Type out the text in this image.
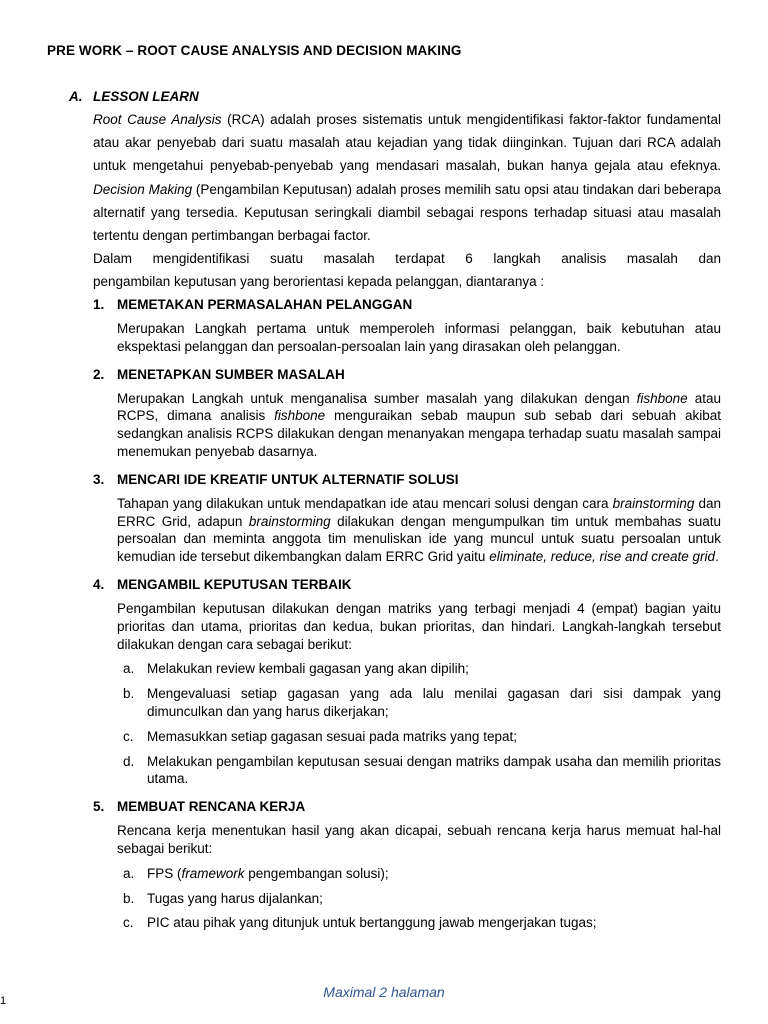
PRE WORK – ROOT CAUSE ANALYSIS AND DECISION MAKING
A. LESSON LEARN

Root Cause Analysis (RCA) adalah proses sistematis untuk mengidentifikasi faktor-faktor fundamental atau akar penyebab dari suatu masalah atau kejadian yang tidak diinginkan. Tujuan dari RCA adalah untuk mengetahui penyebab-penyebab yang mendasari masalah, bukan hanya gejala atau efeknya. Decision Making (Pengambilan Keputusan) adalah proses memilih satu opsi atau tindakan dari beberapa alternatif yang tersedia. Keputusan seringkali diambil sebagai respons terhadap situasi atau masalah tertentu dengan pertimbangan berbagai factor.

Dalam mengidentifikasi suatu masalah terdapat 6 langkah analisis masalah dan

pengambilan keputusan yang berorientasi kepada pelanggan, diantaranya :

1. MEMETAKAN PERMASALAHAN PELANGGAN
Merupakan Langkah pertama untuk memperoleh informasi pelanggan, baik kebutuhan atau ekspektasi pelanggan dan persoalan-persoalan lain yang dirasakan oleh pelanggan.
2. MENETAPKAN SUMBER MASALAH
Merupakan Langkah untuk menganalisa sumber masalah yang dilakukan dengan fishbone atau RCPS, dimana analisis fishbone menguraikan sebab maupun sub sebab dari sebuah akibat sedangkan analisis RCPS dilakukan dengan menanyakan mengapa terhadap suatu masalah sampai menemukan penyebab dasarnya.
3. MENCARI IDE KREATIF UNTUK ALTERNATIF SOLUSI
Tahapan yang dilakukan untuk mendapatkan ide atau mencari solusi dengan cara brainstorming dan ERRC Grid, adapun brainstorming dilakukan dengan mengumpulkan tim untuk membahas suatu persoalan dan meminta anggota tim menuliskan ide yang muncul untuk suatu persoalan untuk kemudian ide tersebut dikembangkan dalam ERRC Grid yaitu eliminate, reduce, rise and create grid.
4. MENGAMBIL KEPUTUSAN TERBAIK
Pengambilan keputusan dilakukan dengan matriks yang terbagi menjadi 4 (empat) bagian yaitu prioritas dan utama, prioritas dan kedua, bukan prioritas, dan hindari. Langkah-langkah tersebut dilakukan dengan cara sebagai berikut:
a. Melakukan review kembali gagasan yang akan dipilih;
b. Mengevaluasi setiap gagasan yang ada lalu menilai gagasan dari sisi dampak yang dimunculkan dan yang harus dikerjakan;
c. Memasukkan setiap gagasan sesuai pada matriks yang tepat;
d. Melakukan pengambilan keputusan sesuai dengan matriks dampak usaha dan memilih prioritas utama.
5. MEMBUAT RENCANA KERJA
Rencana kerja menentukan hasil yang akan dicapai, sebuah rencana kerja harus memuat hal-hal sebagai berikut:
a. FPS (framework pengembangan solusi);
b. Tugas yang harus dijalankan;
c. PIC atau pihak yang ditunjuk untuk bertanggung jawab mengerjakan tugas;
Maximal 2 halaman
1
